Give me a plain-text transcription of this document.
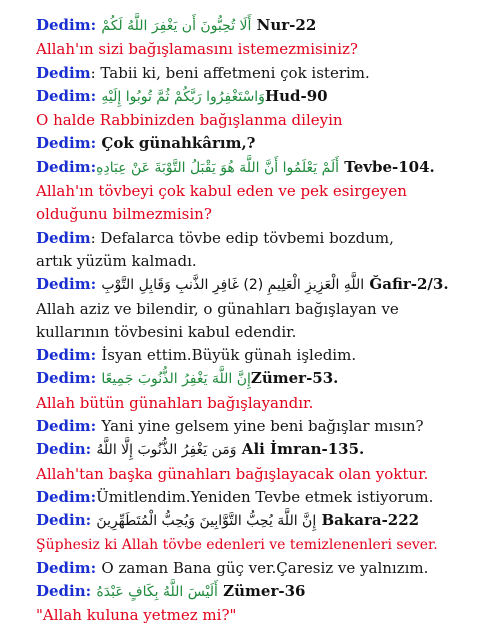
Dedim: أَلَا تُحِبُّونَ أَن يَغْفِرَ اللَّهُ لَكُمْ Nur-22
Allah'ın sizi bağışlamasını istemezmisiniz?
Dedim: Tabii ki, beni affetmeni çok isterim.
Dedim: وَاسْتَغْفِرُوا رَبَّكُمْ ثُمَّ تُوبُوا إِلَيْهِHud-90
O halde Rabbinizden bağışlanma dileyin
Dedim: Çok günahkârım,?
Dedim:أَلَمْ يَعْلَمُوا أَنَّ اللَّهَ هُوَ يَقْبَلُ التَّوْبَةَ عَنْ عِبَادِهِ Tevbe-104.
Allah'ın tövbeyi çok kabul eden ve pek esirgeyen
olduğunu bilmezmisin?
Dedim: Defalarca tövbe edip tövbemi bozdum,
artık yüzüm kalmadı.
Dedim: اللَّهِ الْعَزِيزِ الْعَلِيمِ (2) غَافِرِ الذَّنبِ وَقَابِلِ التَّوْبِ Ğafir-2/3.
Allah aziz ve bilendir, o günahları bağışlayan ve
kullarının tövbesini kabul edendir.
Dedim: İsyan ettim.Büyük günah işledim.
Dedim: إِنَّ اللَّهَ يَغْفِرُ الذُّنُوبَ جَمِيعًاZümer-53.
Allah bütün günahları bağışlayandır.
Dedim: Yani yine gelsem yine beni bağışlar mısın?
Dedin: وَمَن يَغْفِرُ الذُّنُوبَ إِلَّا اللَّهُ Ali İmran-135.
Allah'tan başka günahları bağışlayacak olan yoktur.
Dedim:Ümitlendim.Yeniden Tevbe etmek istiyorum.
Dedin: إِنَّ اللَّهَ يُحِبُّ التَّوَّابِينَ وَيُحِبُّ الْمُتَطَهِّرِينَ Bakara-222
Şüphesiz ki Allah tövbe edenleri ve temizlenenleri sever.
Dedim: O zaman Bana güç ver.Çaresiz ve yalnızım.
Dedin: أَلَيْسَ اللَّهُ بِكَافٍ عَبْدَهُ Zümer-36
"Allah kuluna yetmez mi?"
